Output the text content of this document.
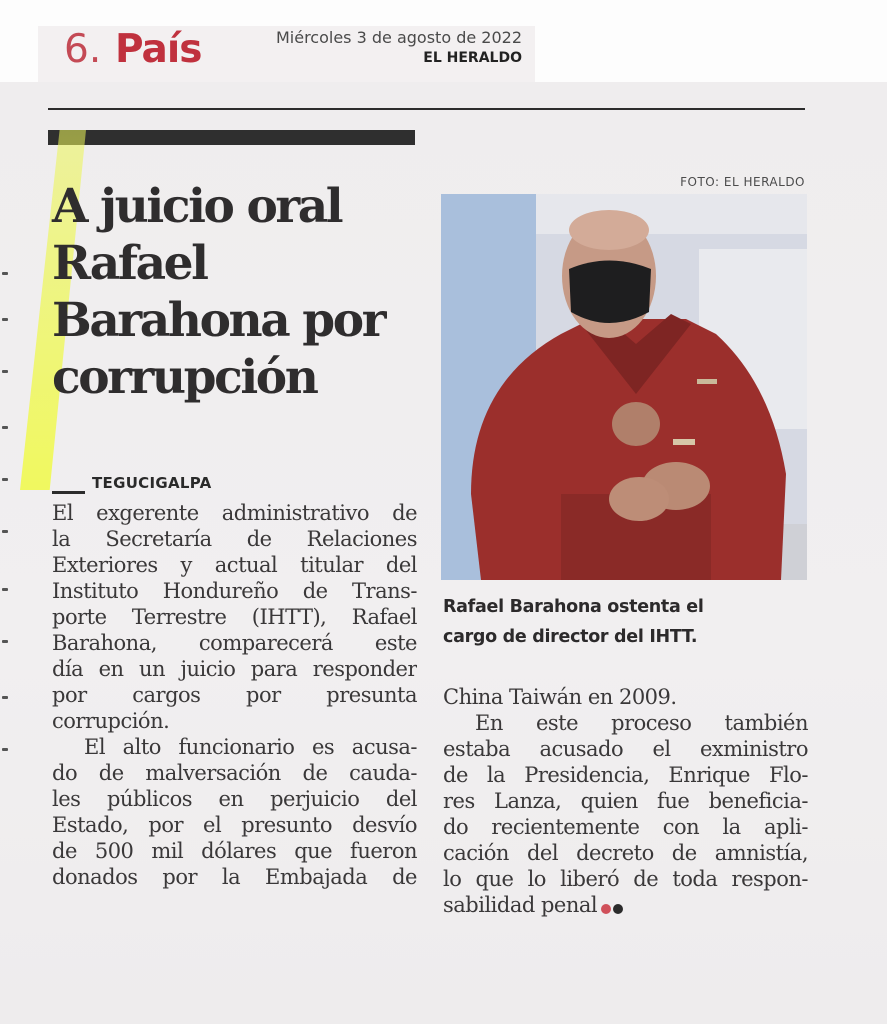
6. País	Miércoles 3 de agosto de 2022
EL HERALDO
A juicio oral
Rafael
Barahona por
corrupción
TEGUCIGALPA
El exgerente administrativo de
la Secretaría de Relaciones
Exteriores y actual titular del
Instituto Hondureño de Trans-
porte Terrestre (IHTT), Rafael
Barahona, comparecerá este
día en un juicio para responder
por cargos por presunta
corrupción.
El alto funcionario es acusa-
do de malversación de cauda-
les públicos en perjuicio del
Estado, por el presunto desvío
de 500 mil dólares que fueron
donados por la Embajada de
FOTO: EL HERALDO
Rafael Barahona ostenta el
cargo de director del IHTT.
China Taiwán en 2009.
En este proceso también
estaba acusado el exministro
de la Presidencia, Enrique Flo-
res Lanza, quien fue beneficia-
do recientemente con la apli-
cación del decreto de amnistía,
lo que lo liberó de toda respon-
sabilidad penal
